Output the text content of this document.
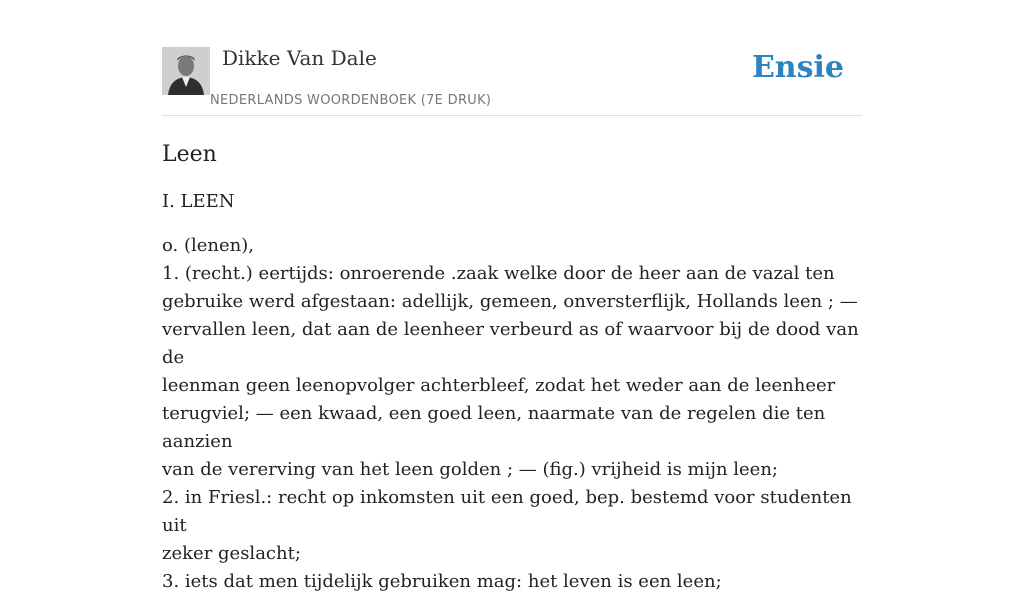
Dikke Van Dale
NEDERLANDS WOORDENBOEK (7E DRUK)
Ensie
Leen
I. LEEN

o. (lenen),

1. (recht.) eertijds: onroerende .zaak welke door de heer aan de vazal ten

gebruike werd afgestaan: adellijk, gemeen, onversterflijk, Hollands leen ; —

vervallen leen, dat aan de leenheer verbeurd as of waarvoor bij de dood van de

leenman geen leenopvolger achterbleef, zodat het weder aan de leenheer

terugviel; — een kwaad, een goed leen, naarmate van de regelen die ten aanzien

van de vererving van het leen golden ; — (fig.) vrijheid is mijn leen;

2. in Friesl.: recht op inkomsten uit een goed, bep. bestemd voor studenten uit

zeker geslacht;

3. iets dat men tijdelijk gebruiken mag: het leven is een leen;
